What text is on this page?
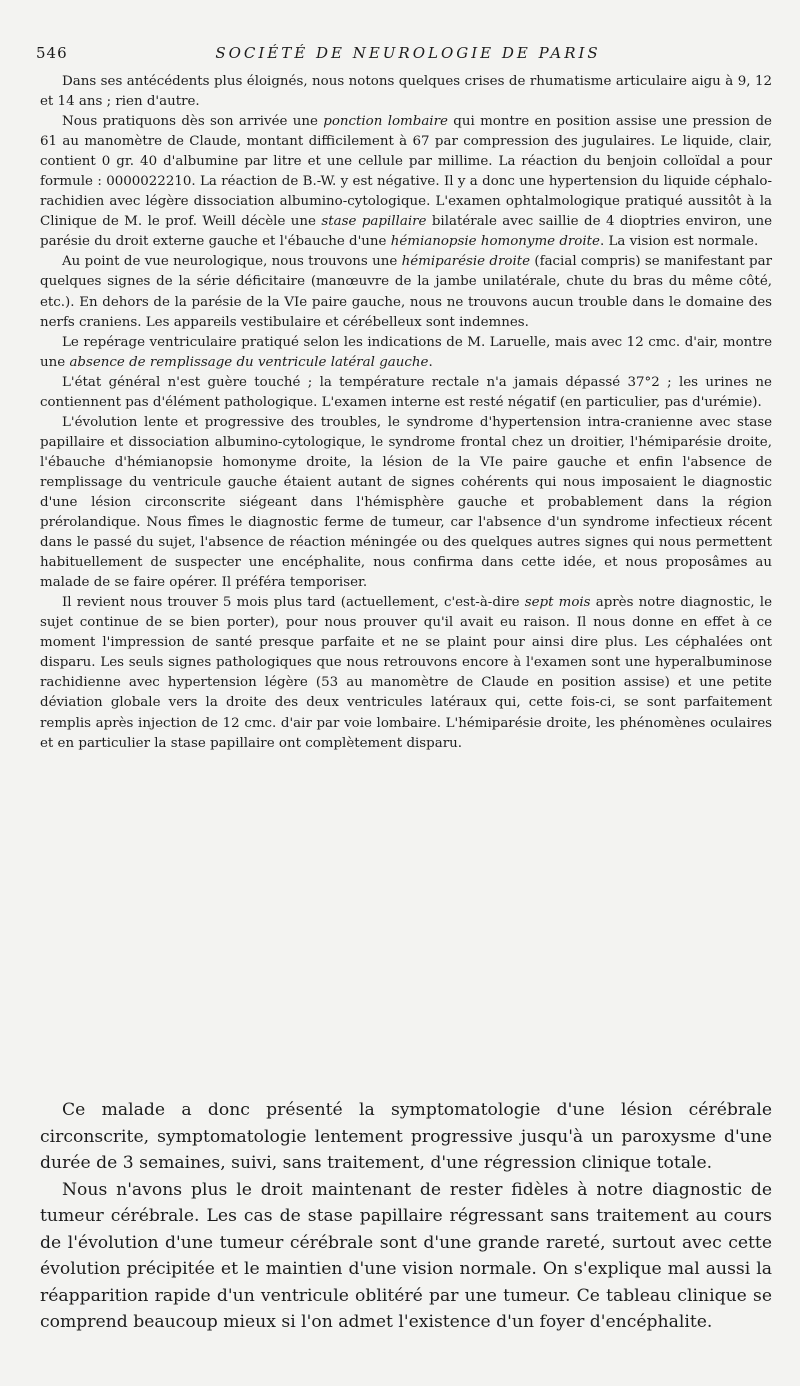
546	SOCIÉTÉ DE NEUROLOGIE DE PARIS

Dans ses antécédents plus éloignés, nous notons quelques crises de rhumatisme articulaire aigu à 9, 12 et 14 ans ; rien d'autre.

Nous pratiquons dès son arrivée une ponction lombaire qui montre en position assise une pression de 61 au manomètre de Claude, montant difficilement à 67 par compression des jugulaires. Le liquide, clair, contient 0 gr. 40 d'albumine par litre et une cellule par millime. La réaction du benjoin colloïdal a pour formule : 0000022210. La réaction de B.-W. y est négative. Il y a donc une hypertension du liquide céphalo-rachidien avec légère dissociation albumino-cytologique. L'examen ophtalmologique pratiqué aussitôt à la Clinique de M. le prof. Weill décèle une stase papillaire bilatérale avec saillie de 4 dioptries environ, une parésie du droit externe gauche et l'ébauche d'une hémianopsie homonyme droite. La vision est normale.

Au point de vue neurologique, nous trouvons une hémiparésie droite (facial compris) se manifestant par quelques signes de la série déficitaire (manœuvre de la jambe unilatérale, chute du bras du même côté, etc.). En dehors de la parésie de la VIe paire gauche, nous ne trouvons aucun trouble dans le domaine des nerfs craniens. Les appareils vestibulaire et cérébelleux sont indemnes.

Le repérage ventriculaire pratiqué selon les indications de M. Laruelle, mais avec 12 cmc. d'air, montre une absence de remplissage du ventricule latéral gauche.

L'état général n'est guère touché ; la température rectale n'a jamais dépassé 37°2 ; les urines ne contiennent pas d'élément pathologique. L'examen interne est resté négatif (en particulier, pas d'urémie).

L'évolution lente et progressive des troubles, le syndrome d'hypertension intra-cranienne avec stase papillaire et dissociation albumino-cytologique, le syndrome frontal chez un droitier, l'hémiparésie droite, l'ébauche d'hémianopsie homonyme droite, la lésion de la VIe paire gauche et enfin l'absence de remplissage du ventricule gauche étaient autant de signes cohérents qui nous imposaient le diagnostic d'une lésion circonscrite siégeant dans l'hémisphère gauche et probablement dans la région prérolandique. Nous fîmes le diagnostic ferme de tumeur, car l'absence d'un syndrome infectieux récent dans le passé du sujet, l'absence de réaction méningée ou des quelques autres signes qui nous permettent habituellement de suspecter une encéphalite, nous confirma dans cette idée, et nous proposâmes au malade de se faire opérer. Il préféra temporiser.

Il revient nous trouver 5 mois plus tard (actuellement, c'est-à-dire sept mois après notre diagnostic, le sujet continue de se bien porter), pour nous prouver qu'il avait eu raison. Il nous donne en effet à ce moment l'impression de santé presque parfaite et ne se plaint pour ainsi dire plus. Les céphalées ont disparu. Les seuls signes pathologiques que nous retrouvons encore à l'examen sont une hyperalbuminose rachidienne avec hypertension légère (53 au manomètre de Claude en position assise) et une petite déviation globale vers la droite des deux ventricules latéraux qui, cette fois-ci, se sont parfaitement remplis après injection de 12 cmc. d'air par voie lombaire. L'hémiparésie droite, les phénomènes oculaires et en particulier la stase papillaire ont complètement disparu.

Ce malade a donc présenté la symptomatologie d'une lésion cérébrale circonscrite, symptomatologie lentement progressive jusqu'à un paroxysme d'une durée de 3 semaines, suivi, sans traitement, d'une régression clinique totale.

Nous n'avons plus le droit maintenant de rester fidèles à notre diagnostic de tumeur cérébrale. Les cas de stase papillaire régressant sans traitement au cours de l'évolution d'une tumeur cérébrale sont d'une grande rareté, surtout avec cette évolution précipitée et le maintien d'une vision normale. On s'explique mal aussi la réapparition rapide d'un ventricule oblitéré par une tumeur. Ce tableau clinique se comprend beaucoup mieux si l'on admet l'existence d'un foyer d'encéphalite.
